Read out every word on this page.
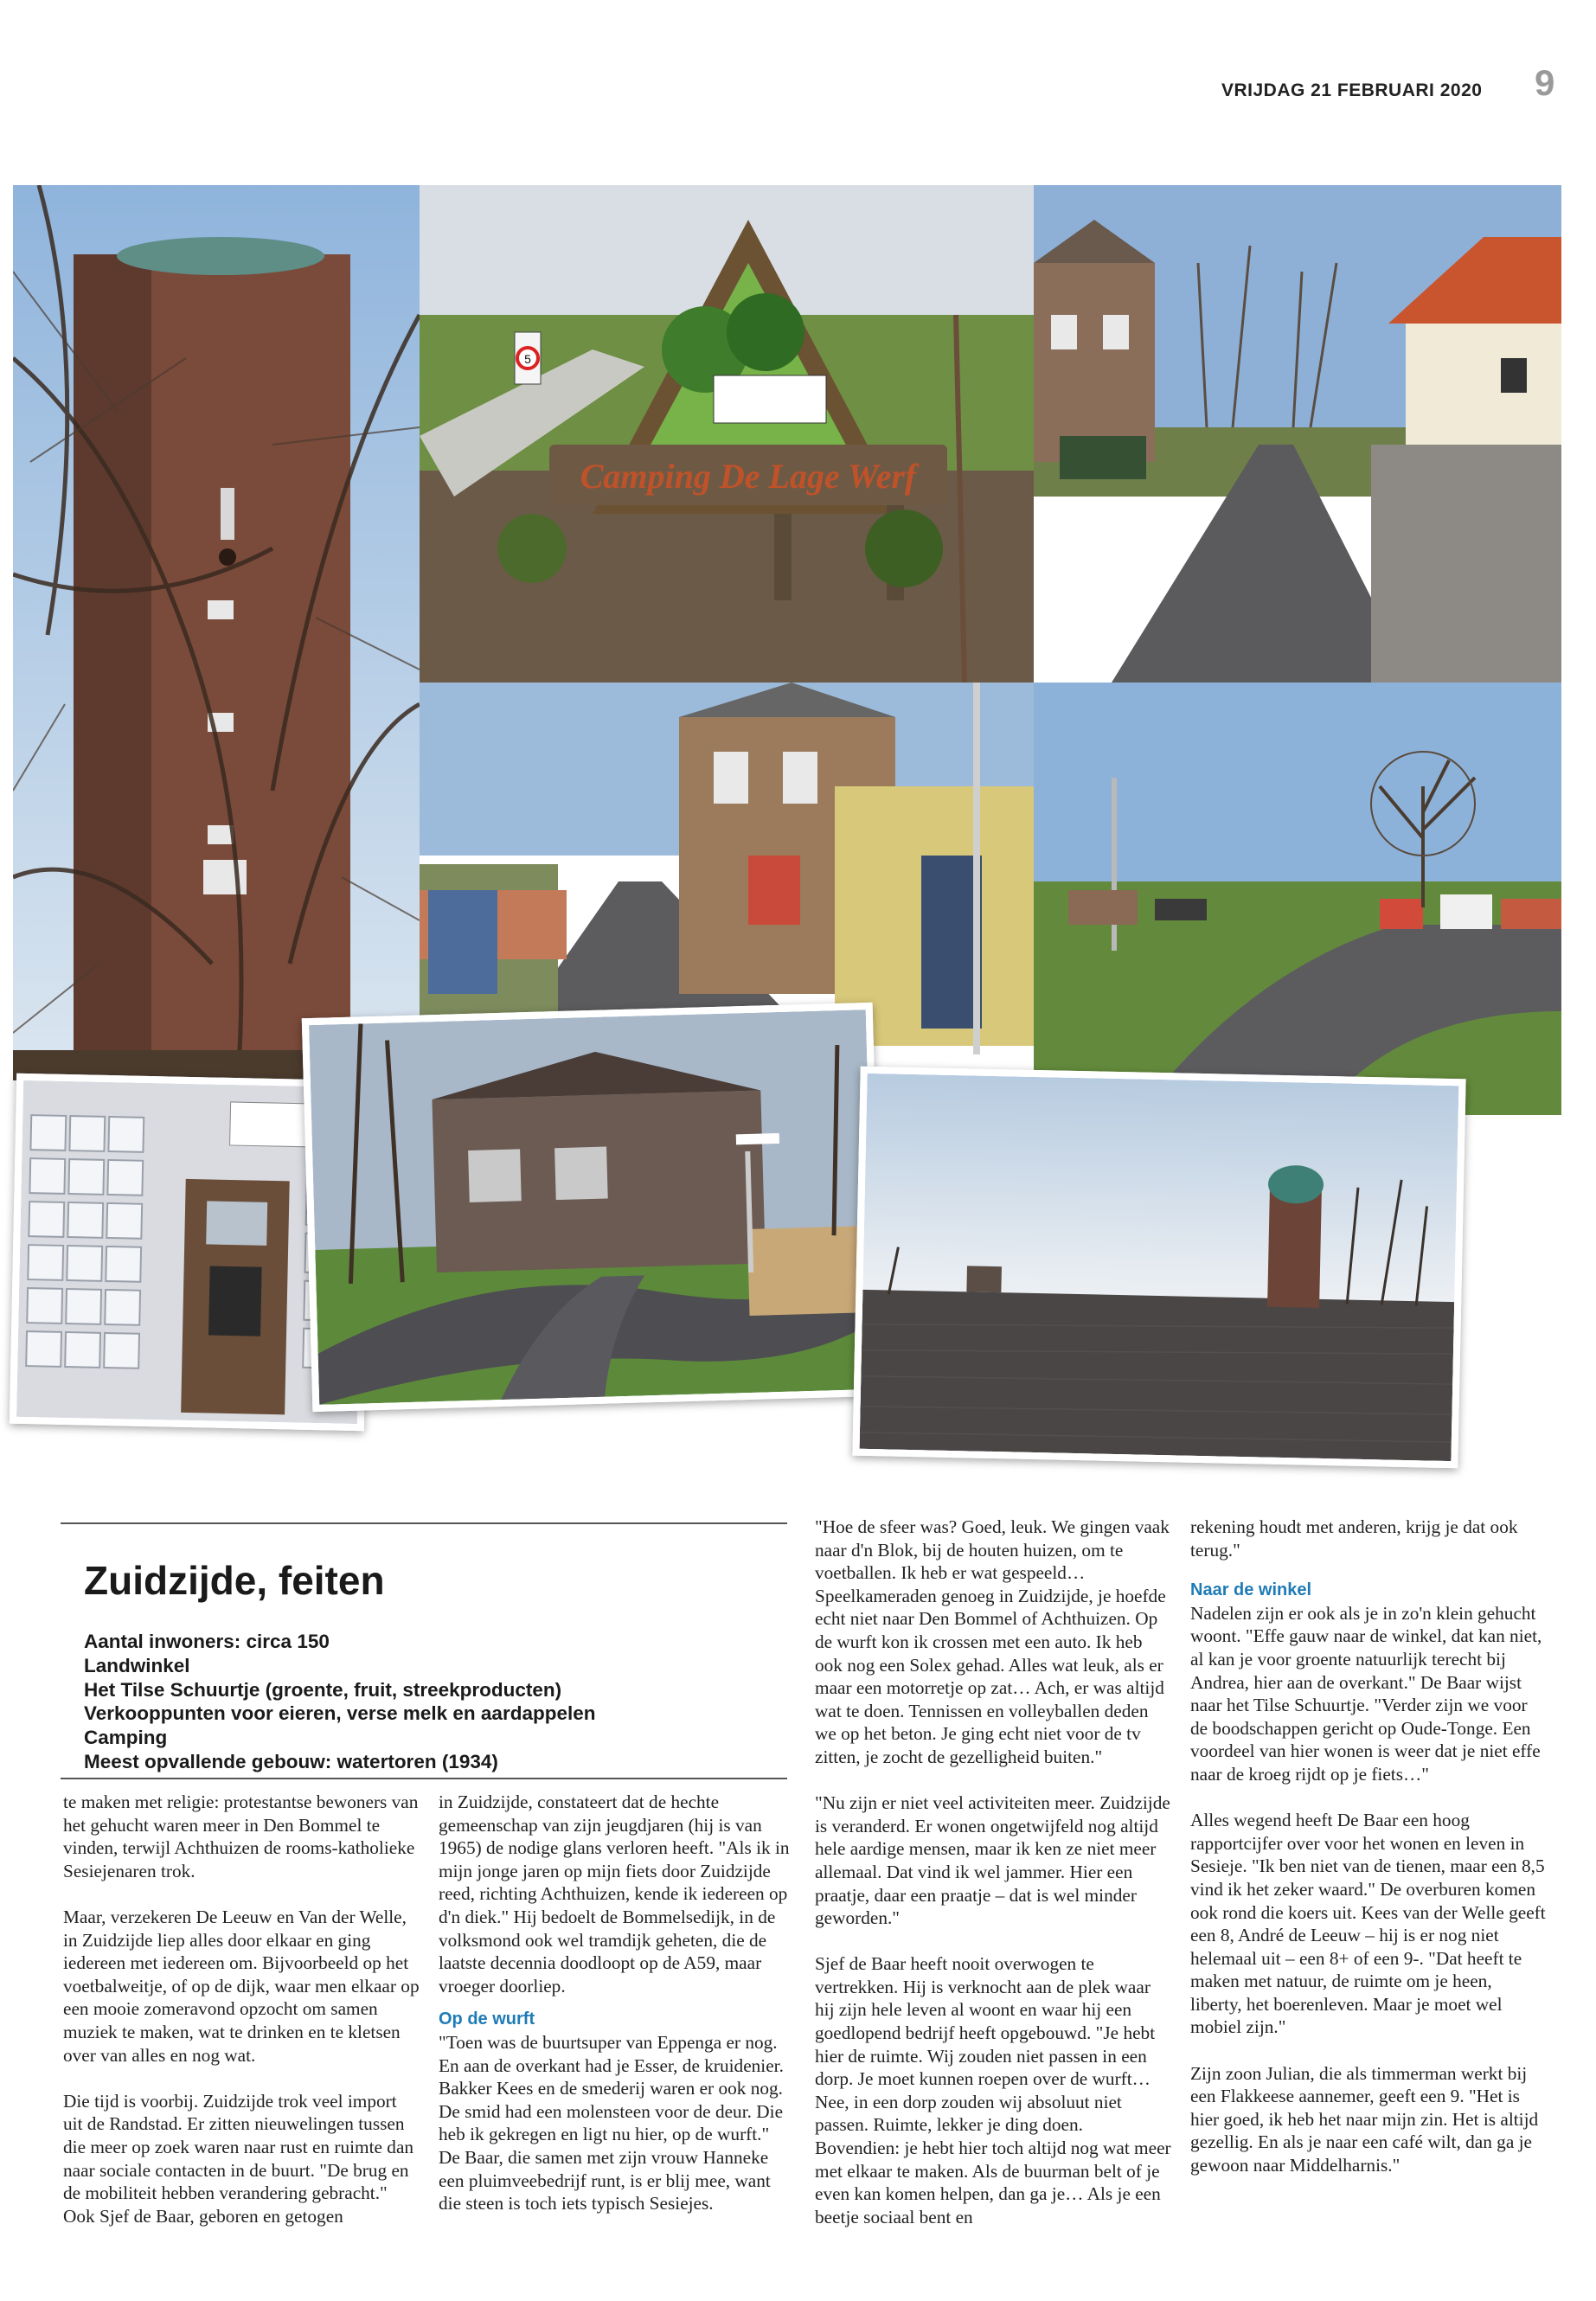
VRIJDAG 21 FEBRUARI 2020 9
5
Camping De Lage Werf
Zuidzijde, feiten
Aantal inwoners: circa 150
Landwinkel
Het Tilse Schuurtje (groente, fruit, streekproducten)
Verkooppunten voor eieren, verse melk en aardappelen
Camping
Meest opvallende gebouw: watertoren (1934)

te maken met religie: protestantse bewoners van het gehucht waren meer in Den Bommel te vinden, terwijl Achthuizen de rooms-katholieke Sesiejenaren trok.

Maar, verzekeren De Leeuw en Van der Welle, in Zuidzijde liep alles door elkaar en ging iedereen met iedereen om. Bijvoorbeeld op het voetbalweitje, of op de dijk, waar men elkaar op een mooie zomeravond opzocht om samen muziek te maken, wat te drinken en te kletsen over van alles en nog wat.

Die tijd is voorbij. Zuidzijde trok veel import uit de Randstad. Er zitten nieuwelingen tussen die meer op zoek waren naar rust en ruimte dan naar sociale contacten in de buurt. "De brug en de mobiliteit hebben verandering gebracht."

Ook Sjef de Baar, geboren en getogen

in Zuidzijde, constateert dat de hechte gemeenschap van zijn jeugdjaren (hij is van 1965) de nodige glans verloren heeft. "Als ik in mijn jonge jaren op mijn fiets door Zuidzijde reed, richting Achthuizen, kende ik iedereen op d'n diek." Hij bedoelt de Bommelsedijk, in de volksmond ook wel tramdijk geheten, die de laatste decennia doodloopt op de A59, maar vroeger doorliep.

Op de wurft

"Toen was de buurtsuper van Eppenga er nog. En aan de overkant had je Esser, de kruidenier. Bakker Kees en de smederij waren er ook nog. De smid had een molensteen voor de deur. Die heb ik gekregen en ligt nu hier, op de wurft." De Baar, die samen met zijn vrouw Hanneke een pluimveebedrijf runt, is er blij mee, want die steen is toch iets typisch Sesiejes.

"Hoe de sfeer was? Goed, leuk. We gingen vaak naar d'n Blok, bij de houten huizen, om te voetballen. Ik heb er wat gespeeld… Speelkameraden genoeg in Zuidzijde, je hoefde echt niet naar Den Bommel of Achthuizen. Op de wurft kon ik crossen met een auto. Ik heb ook nog een Solex gehad. Alles wat leuk, als er maar een motorretje op zat… Ach, er was altijd wat te doen. Tennissen en volleyballen deden we op het beton. Je ging echt niet voor de tv zitten, je zocht de gezelligheid buiten."

"Nu zijn er niet veel activiteiten meer. Zuidzijde is veranderd. Er wonen ongetwijfeld nog altijd hele aardige mensen, maar ik ken ze niet meer allemaal. Dat vind ik wel jammer. Hier een praatje, daar een praatje – dat is wel minder geworden."

Sjef de Baar heeft nooit overwogen te vertrekken. Hij is verknocht aan de plek waar hij zijn hele leven al woont en waar hij een goedlopend bedrijf heeft opgebouwd. "Je hebt hier de ruimte. Wij zouden niet passen in een dorp. Je moet kunnen roepen over de wurft… Nee, in een dorp zouden wij absoluut niet passen. Ruimte, lekker je ding doen. Bovendien: je hebt hier toch altijd nog wat meer met elkaar te maken. Als de buurman belt of je even kan komen helpen, dan ga je… Als je een beetje sociaal bent en

rekening houdt met anderen, krijg je dat ook terug."

Naar de winkel

Nadelen zijn er ook als je in zo'n klein gehucht woont. "Effe gauw naar de winkel, dat kan niet, al kan je voor groente natuurlijk terecht bij Andrea, hier aan de overkant." De Baar wijst naar het Tilse Schuurtje. "Verder zijn we voor de boodschappen gericht op Oude-Tonge. Een voordeel van hier wonen is weer dat je niet effe naar de kroeg rijdt op je fiets…"

Alles wegend heeft De Baar een hoog rapportcijfer over voor het wonen en leven in Sesieje. "Ik ben niet van de tienen, maar een 8,5 vind ik het zeker waard." De overburen komen ook rond die koers uit. Kees van der Welle geeft een 8, André de Leeuw – hij is er nog niet helemaal uit – een 8+ of een 9-. "Dat heeft te maken met natuur, de ruimte om je heen, liberty, het boerenleven. Maar je moet wel mobiel zijn."

Zijn zoon Julian, die als timmerman werkt bij een Flakkeese aannemer, geeft een 9. "Het is hier goed, ik heb het naar mijn zin. Het is altijd gezellig. En als je naar een café wilt, dan ga je gewoon naar Middelharnis."
